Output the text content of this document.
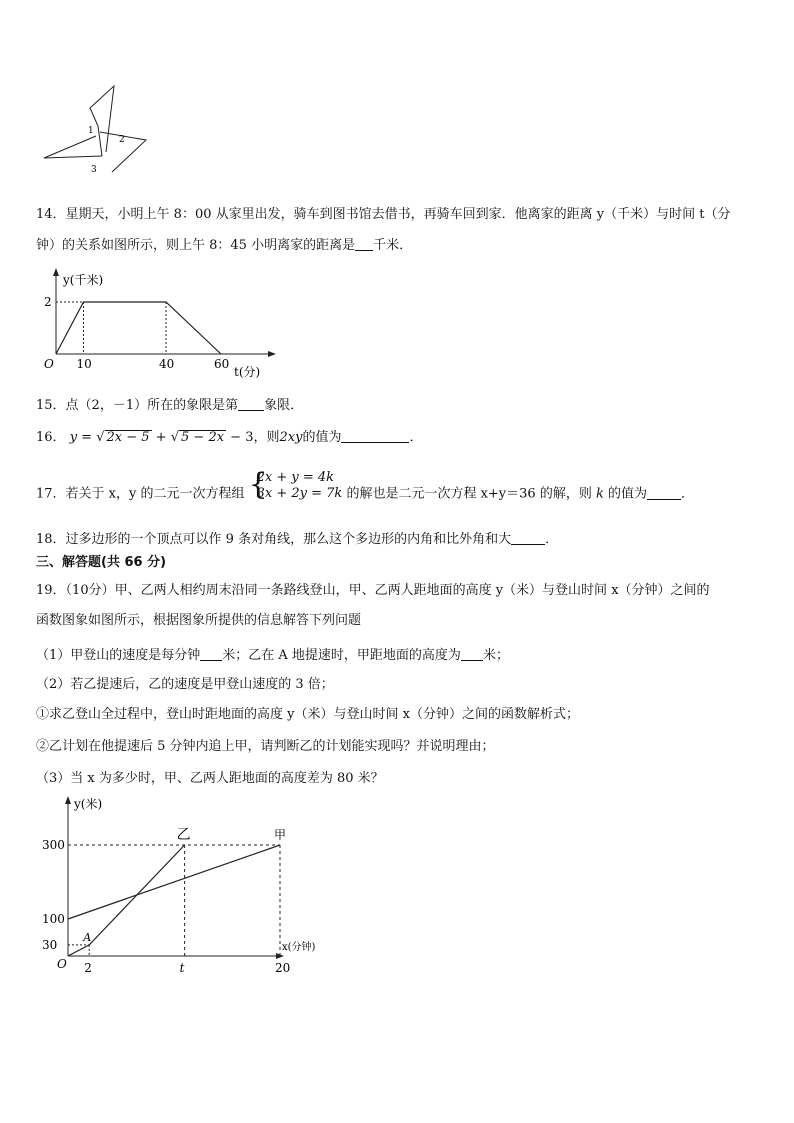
1
2
3
14．星期天，小明上午 8：00 从家里出发，骑车到图书馆去借书，再骑车回到家．他离家的距离 y（千米）与时间 t（分
钟）的关系如图所示，则上午 8：45 小明离家的距离是 千米．
10	40	60
2
O
y(千米)
t(分)
15．点（2，－1）所在的象限是第 象限．
16． y = √ 2x − 5 + √ 5 − 2x − 3，则2xy的值为	．
17．若关于 x，y 的二元一次方程组 {
2x + y = 4k
3x + 2y = 7k 的解也是二元一次方程 x+y＝36 的解，则 k 的值为	．
18．过多边形的一个顶点可以作 9 条对角线，那么这个多边形的内角和比外角和大	．
三、解答题(共 66 分)
19．（10分）甲、乙两人相约周末沿同一条路线登山，甲、乙两人距地面的高度 y（米）与登山时间 x（分钟）之间的
函数图象如图所示，根据图象所提供的信息解答下列问题
（1）甲登山的速度是每分钟 米；乙在 A 地提速时，甲距地面的高度为 米；
（2）若乙提速后，乙的速度是甲登山速度的 3 倍；
①求乙登山全过程中，登山时距地面的高度 y（米）与登山时间 x（分钟）之间的函数解析式；
②乙计划在他提速后 5 分钟内追上甲，请判断乙的计划能实现吗？并说明理由；
（3）当 x 为多少时，甲、乙两人距地面的高度差为 80 米？
300
100
30
2	t	20
O
A
乙	甲
y(米)
x(分钟)
